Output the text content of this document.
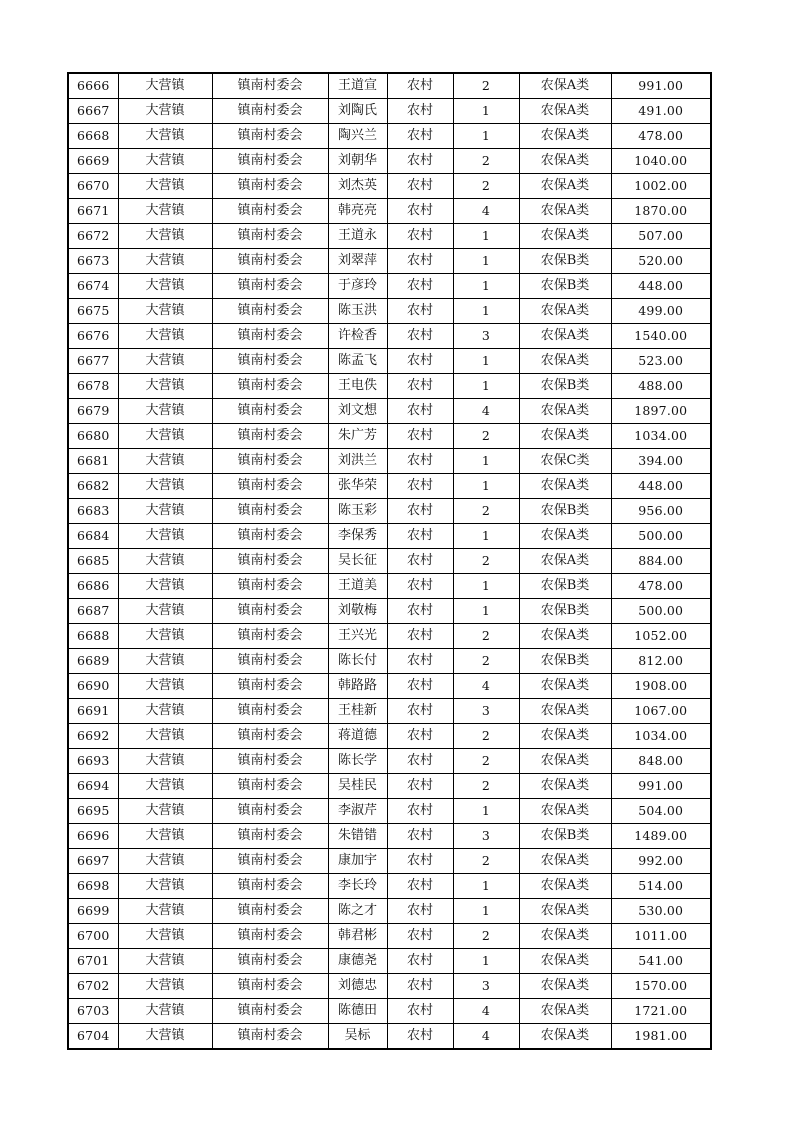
6666	大营镇	镇南村委会	王道宣	农村	2	农保A类	991.00
6667	大营镇	镇南村委会	刘陶氏	农村	1	农保A类	491.00
6668	大营镇	镇南村委会	陶兴兰	农村	1	农保A类	478.00
6669	大营镇	镇南村委会	刘朝华	农村	2	农保A类	1040.00
6670	大营镇	镇南村委会	刘杰英	农村	2	农保A类	1002.00
6671	大营镇	镇南村委会	韩亮亮	农村	4	农保A类	1870.00
6672	大营镇	镇南村委会	王道永	农村	1	农保A类	507.00
6673	大营镇	镇南村委会	刘翠萍	农村	1	农保B类	520.00
6674	大营镇	镇南村委会	于彦玲	农村	1	农保B类	448.00
6675	大营镇	镇南村委会	陈玉洪	农村	1	农保A类	499.00
6676	大营镇	镇南村委会	许检香	农村	3	农保A类	1540.00
6677	大营镇	镇南村委会	陈孟飞	农村	1	农保A类	523.00
6678	大营镇	镇南村委会	王电佚	农村	1	农保B类	488.00
6679	大营镇	镇南村委会	刘文想	农村	4	农保A类	1897.00
6680	大营镇	镇南村委会	朱广芳	农村	2	农保A类	1034.00
6681	大营镇	镇南村委会	刘洪兰	农村	1	农保C类	394.00
6682	大营镇	镇南村委会	张华荣	农村	1	农保A类	448.00
6683	大营镇	镇南村委会	陈玉彩	农村	2	农保B类	956.00
6684	大营镇	镇南村委会	李保秀	农村	1	农保A类	500.00
6685	大营镇	镇南村委会	吴长征	农村	2	农保A类	884.00
6686	大营镇	镇南村委会	王道美	农村	1	农保B类	478.00
6687	大营镇	镇南村委会	刘敬梅	农村	1	农保B类	500.00
6688	大营镇	镇南村委会	王兴光	农村	2	农保A类	1052.00
6689	大营镇	镇南村委会	陈长付	农村	2	农保B类	812.00
6690	大营镇	镇南村委会	韩路路	农村	4	农保A类	1908.00
6691	大营镇	镇南村委会	王桂新	农村	3	农保A类	1067.00
6692	大营镇	镇南村委会	蒋道德	农村	2	农保A类	1034.00
6693	大营镇	镇南村委会	陈长学	农村	2	农保A类	848.00
6694	大营镇	镇南村委会	吴桂民	农村	2	农保A类	991.00
6695	大营镇	镇南村委会	李淑芹	农村	1	农保A类	504.00
6696	大营镇	镇南村委会	朱错错	农村	3	农保B类	1489.00
6697	大营镇	镇南村委会	康加宇	农村	2	农保A类	992.00
6698	大营镇	镇南村委会	李长玲	农村	1	农保A类	514.00
6699	大营镇	镇南村委会	陈之才	农村	1	农保A类	530.00
6700	大营镇	镇南村委会	韩君彬	农村	2	农保A类	1011.00
6701	大营镇	镇南村委会	康德尧	农村	1	农保A类	541.00
6702	大营镇	镇南村委会	刘德忠	农村	3	农保A类	1570.00
6703	大营镇	镇南村委会	陈德田	农村	4	农保A类	1721.00
6704	大营镇	镇南村委会	吴标	农村	4	农保A类	1981.00
